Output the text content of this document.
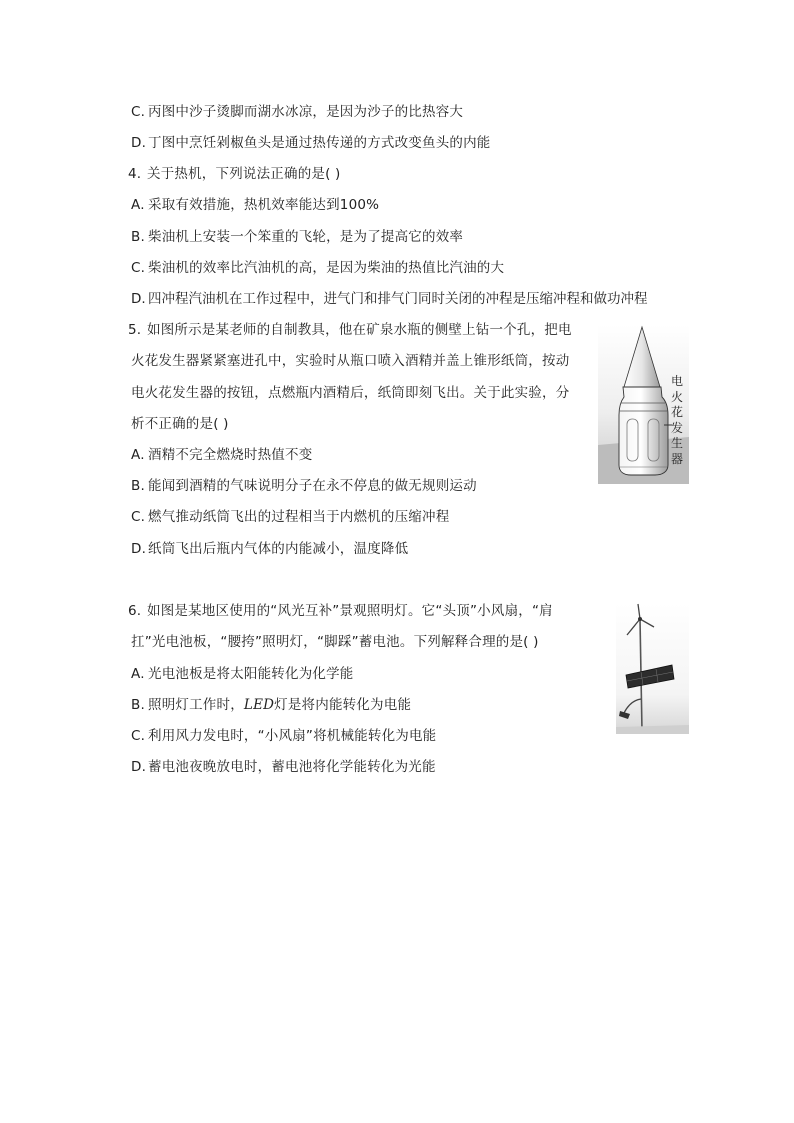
C. 丙图中沙子烫脚而湖水冰凉，是因为沙子的比热容大
D. 丁图中烹饪剁椒鱼头是通过热传递的方式改变鱼头的内能
4. 关于热机，下列说法正确的是( )
A. 采取有效措施，热机效率能达到100%
B. 柴油机上安装一个笨重的飞轮，是为了提高它的效率
C. 柴油机的效率比汽油机的高，是因为柴油的热值比汽油的大
D. 四冲程汽油机在工作过程中，进气门和排气门同时关闭的冲程是压缩冲程和做功冲程
5. 如图所示是某老师的自制教具，他在矿泉水瓶的侧壁上钻一个孔，把电
火花发生器紧紧塞进孔中，实验时从瓶口喷入酒精并盖上锥形纸筒，按动
电火花发生器的按钮，点燃瓶内酒精后，纸筒即刻飞出。关于此实验，分
析不正确的是( )
A. 酒精不完全燃烧时热值不变
B. 能闻到酒精的气味说明分子在永不停息的做无规则运动
C. 燃气推动纸筒飞出的过程相当于内燃机的压缩冲程
D. 纸筒飞出后瓶内气体的内能减小，温度降低
电
火
花
发
生
器
6. 如图是某地区使用的“风光互补”景观照明灯。它“头顶”小风扇，“肩
扛”光电池板，“腰挎”照明灯，“脚踩”蓄电池。下列解释合理的是( )
A. 光电池板是将太阳能转化为化学能
B. 照明灯工作时，LED灯是将内能转化为电能
C. 利用风力发电时，“小风扇”将机械能转化为电能
D. 蓄电池夜晚放电时，蓄电池将化学能转化为光能
